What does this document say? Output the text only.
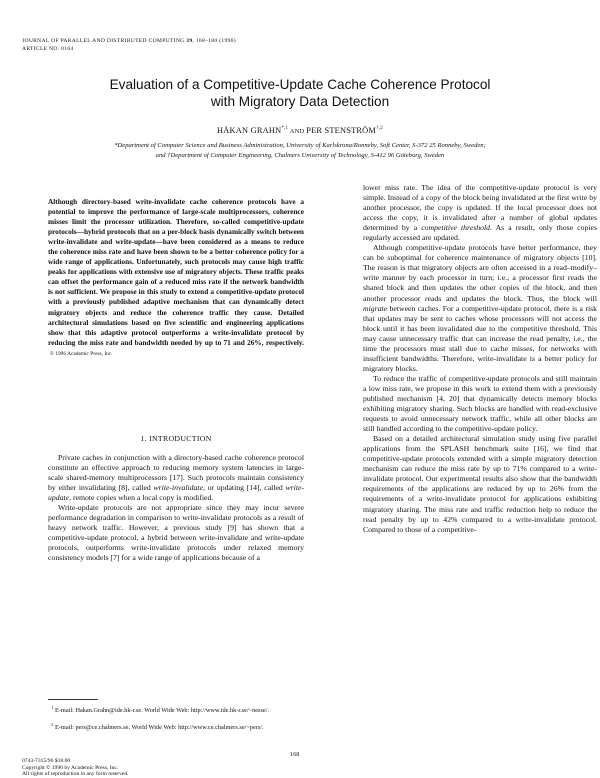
JOURNAL OF PARALLEL AND DISTRIBUTED COMPUTING 39, 168–180 (1996)
ARTICLE NO. 0164
Evaluation of a Competitive-Update Cache Coherence Protocol
with Migratory Data Detection
HÅKAN $GRAHN^{*,1}$ AND PER $STENSTRÖM^{\dagger,2}$
*Department of Computer Science and Business Administration, University of Karlskrona/Ronneby, Soft Center, S-372 25 Ronneby, Sweden;
and †Department of Computer Engineering, Chalmers University of Technology, S-412 96 Göteborg, Sweden
Although directory-based write-invalidate cache coherence protocols have a potential to improve the performance of large-scale multiprocessors, coherence misses limit the processor utilization. Therefore, so-called competitive-update protocols—hybrid protocols that on a per-block basis dynamically switch between write-invalidate and write-update—have been considered as a means to reduce the coherence miss rate and have been shown to be a better coherence policy for a wide range of applications. Unfortunately, such protocols may cause high traffic peaks for applications with extensive use of migratory objects. These traffic peaks can offset the performance gain of a reduced miss rate if the network bandwidth is not sufficient. We propose in this study to extend a competitive-update protocol with a previously published adaptive mechanism that can dynamically detect migratory objects and reduce the coherence traffic they cause. Detailed architectural simulations based on five scientific and engineering applications show that this adaptive protocol outperforms a write-invalidate protocol by reducing the miss rate and bandwidth needed by up to 71 and 26%, respectively.  © 1996 Academic Press, Inc.
1. INTRODUCTION

Private caches in conjunction with a directory-based cache coherence protocol constitute an effective approach to reducing memory system latencies in large-scale shared-memory multiprocessors [17]. Such protocols maintain consistency by either invalidating [8], called write-invalidate, or updating [14], called write-update, remote copies when a local copy is modified.

Write-update protocols are not appropriate since they may incur severe performance degradation in comparison to write-invalidate protocols as a result of heavy network traffic. However, a previous study [9] has shown that a competitive-update protocol, a hybrid between write-invalidate and write-update protocols, outperforms write-invalidate protocols under relaxed memory consistency models [7] for a wide range of applications because of a

lower miss rate. The idea of the competitive-update protocol is very simple. Instead of a copy of the block being invalidated at the first write by another processor, the copy is updated. If the local processor does not access the copy, it is invalidated after a number of global updates determined by a competitive threshold. As a result, only those copies regularly accessed are updated.

Although competitive-update protocols have better performance, they can be suboptimal for coherence maintenance of migratory objects [10]. The reason is that migratory objects are often accessed in a read–modify–write manner by each processor in turn; i.e., a processor first reads the shared block and then updates the other copies of the block, and then another processor reads and updates the block. Thus, the block will migrate between caches. For a competitive-update protocol, there is a risk that updates may be sent to caches whose processors will not access the block until it has been invalidated due to the competitive threshold. This may cause unnecessary traffic that can increase the read penalty, i.e., the time the processors must stall due to cache misses, for networks with insufficient bandwidths. Therefore, write-invalidate is a better policy for migratory blocks.

To reduce the traffic of competitive-update protocols and still maintain a low miss rate, we propose in this work to extend them with a previously published mechanism [4, 20] that dynamically detects memory blocks exhibiting migratory sharing. Such blocks are handled with read-exclusive requests to avoid unnecessary network traffic, while all other blocks are still handled according to the competitive-update policy.

Based on a detailed architectural simulation study using five parallel applications from the SPLASH benchmark suite [16], we find that competitive-update protocols extended with a simple migratory detection mechanism can reduce the miss rate by up to 71% compared to a write-invalidate protocol. Our experimental results also show that the bandwidth requirements of the applications are reduced by up to 26% from the requirements of a write-invalidate protocol for applications exhibiting migratory sharing. The miss rate and traffic reduction help to reduce the read penalty by up to 42% compared to a write-invalidate protocol. Compared to those of a competitive-

$^1$ E-mail: Hakan.Grahn@ide.hk-r.se. World Wide Web: http://www.ide.hk-r.se/~nesse/.
$^2$ E-mail: pers@ce.chalmers.se. World Wide Web: http://www.ce.chalmers.se/~pers/.
168
0743-7315/96 $18.00
Copyright © 1996 by Academic Press, Inc.
All rights of reproduction in any form reserved.
